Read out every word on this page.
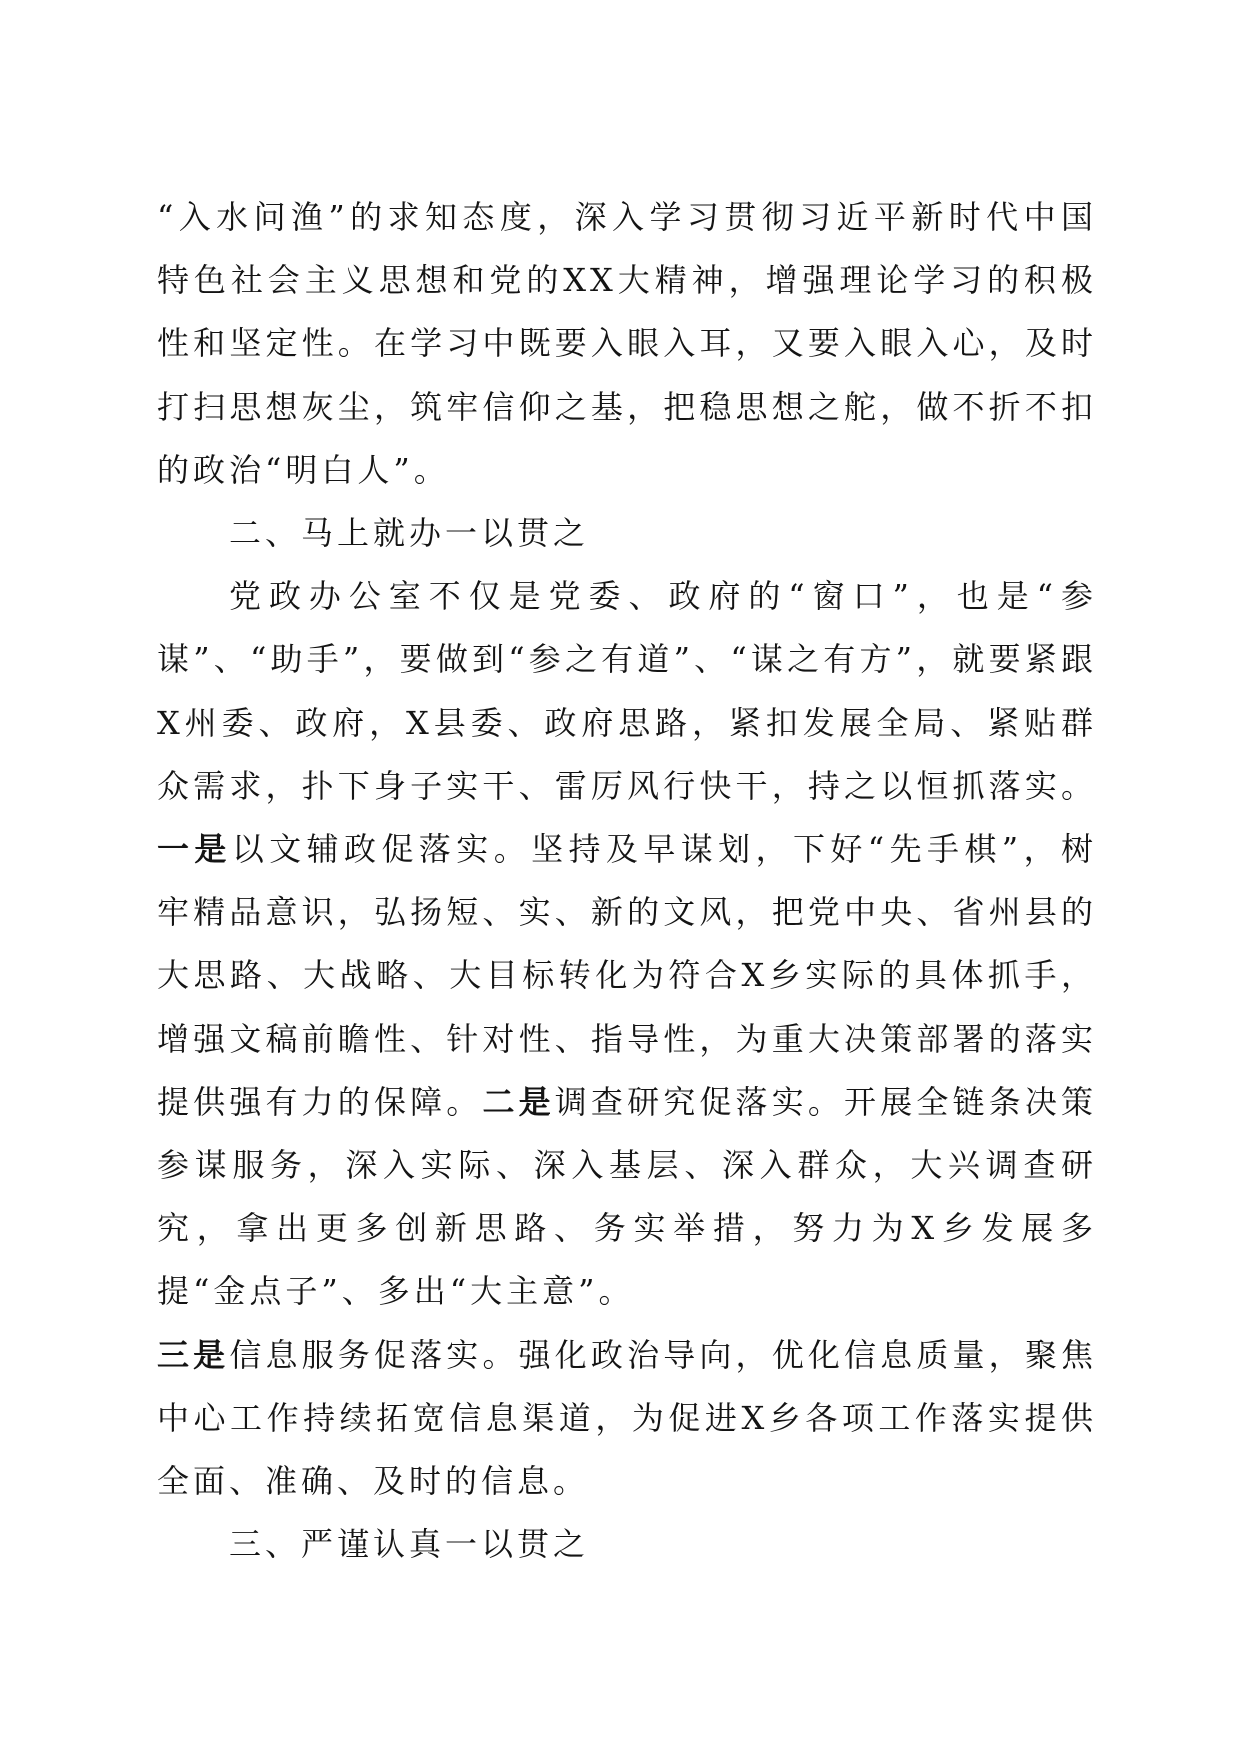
“入水问渔”的求知态度，深入学习贯彻习近平新时代中国特色社会主义思想和党的XX大精神，增强理论学习的积极性和坚定性。在学习中既要入眼入耳，又要入眼入心，及时打扫思想灰尘，筑牢信仰之基，把稳思想之舵，做不折不扣的政治“明白人”。

二、马上就办一以贯之

党政办公室不仅是党委、政府的“窗口”，也是“参谋”、“助手”，要做到“参之有道”、“谋之有方”，就要紧跟X州委、政府，X县委、政府思路，紧扣发展全局、紧贴群众需求，扑下身子实干、雷厉风行快干，持之以恒抓落实。一是以文辅政促落实。坚持及早谋划，下好“先手棋”，树牢精品意识，弘扬短、实、新的文风，把党中央、省州县的大思路、大战略、大目标转化为符合X乡实际的具体抓手，增强文稿前瞻性、针对性、指导性，为重大决策部署的落实提供强有力的保障。二是调查研究促落实。开展全链条决策参谋服务，深入实际、深入基层、深入群众，大兴调查研究，拿出更多创新思路、务实举措，努力为X乡发展多提“金点子”、多出“大主意”。
三是信息服务促落实。强化政治导向，优化信息质量，聚焦中心工作持续拓宽信息渠道，为促进X乡各项工作落实提供全面、准确、及时的信息。

三、严谨认真一以贯之
